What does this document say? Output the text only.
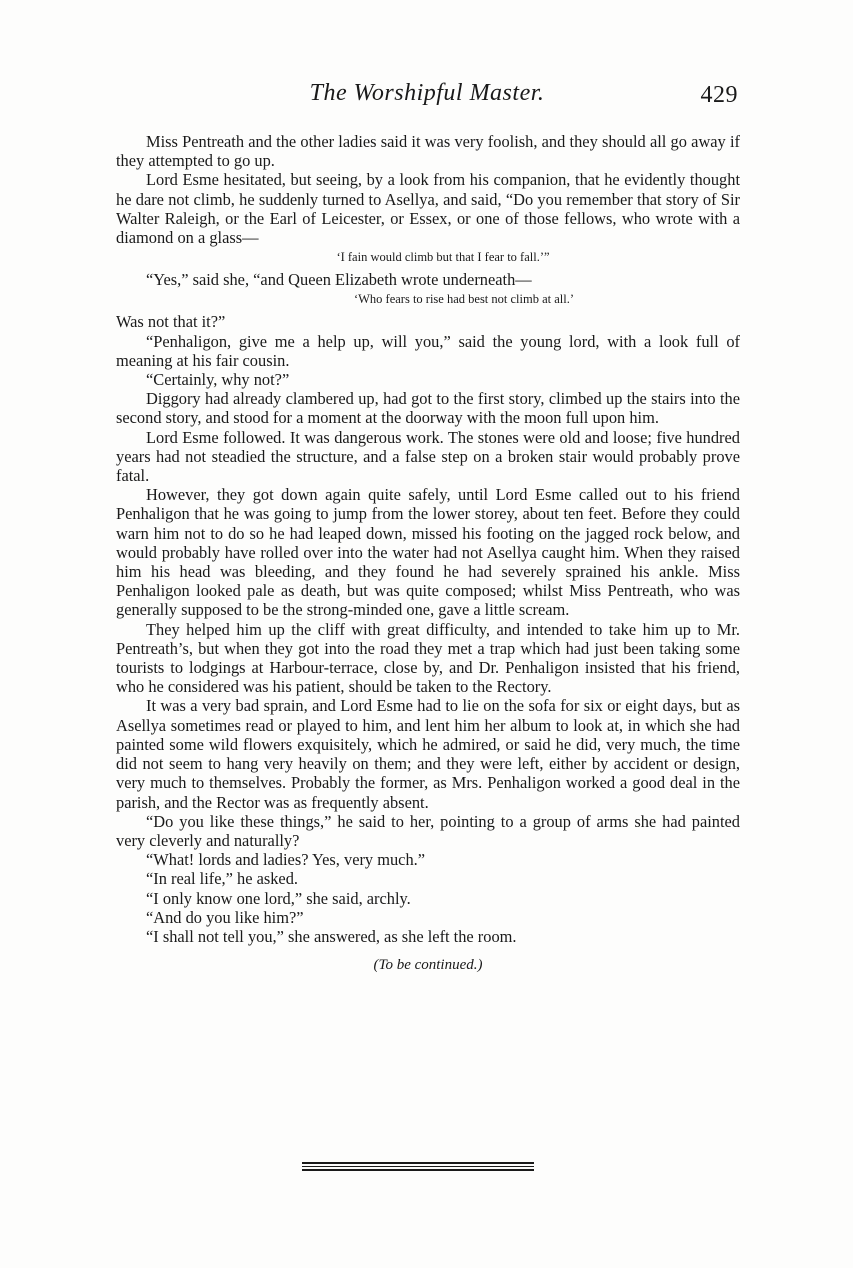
The Worshipful Master.	429

Miss Pentreath and the other ladies said it was very foolish, and they should all go away if they attempted to go up.

Lord Esme hesitated, but seeing, by a look from his companion, that he evidently thought he dare not climb, he suddenly turned to Asellya, and said, “Do you remember that story of Sir Walter Raleigh, or the Earl of Leicester, or Essex, or one of those fellows, who wrote with a diamond on a glass—

‘I fain would climb but that I fear to fall.’”

“Yes,” said she, “and Queen Elizabeth wrote underneath—

‘Who fears to rise had best not climb at all.’

Was not that it?”

“Penhaligon, give me a help up, will you,” said the young lord, with a look full of meaning at his fair cousin.

“Certainly, why not?”

Diggory had already clambered up, had got to the first story, climbed up the stairs into the second story, and stood for a moment at the doorway with the moon full upon him.

Lord Esme followed. It was dangerous work. The stones were old and loose; five hundred years had not steadied the structure, and a false step on a broken stair would probably prove fatal.

However, they got down again quite safely, until Lord Esme called out to his friend Penhaligon that he was going to jump from the lower storey, about ten feet. Before they could warn him not to do so he had leaped down, missed his footing on the jagged rock below, and would probably have rolled over into the water had not Asellya caught him. When they raised him his head was bleeding, and they found he had severely sprained his ankle. Miss Penhaligon looked pale as death, but was quite composed; whilst Miss Pentreath, who was generally supposed to be the strong-minded one, gave a little scream.

They helped him up the cliff with great difficulty, and intended to take him up to Mr. Pentreath’s, but when they got into the road they met a trap which had just been taking some tourists to lodgings at Harbour-terrace, close by, and Dr. Penhaligon insisted that his friend, who he considered was his patient, should be taken to the Rectory.

It was a very bad sprain, and Lord Esme had to lie on the sofa for six or eight days, but as Asellya sometimes read or played to him, and lent him her album to look at, in which she had painted some wild flowers exquisitely, which he admired, or said he did, very much, the time did not seem to hang very heavily on them; and they were left, either by accident or design, very much to themselves. Probably the former, as Mrs. Penhaligon worked a good deal in the parish, and the Rector was as frequently absent.

“Do you like these things,” he said to her, pointing to a group of arms she had painted very cleverly and naturally?

“What! lords and ladies? Yes, very much.”

“In real life,” he asked.

“I only know one lord,” she said, archly.

“And do you like him?”

“I shall not tell you,” she answered, as she left the room.

(To be continued.)
